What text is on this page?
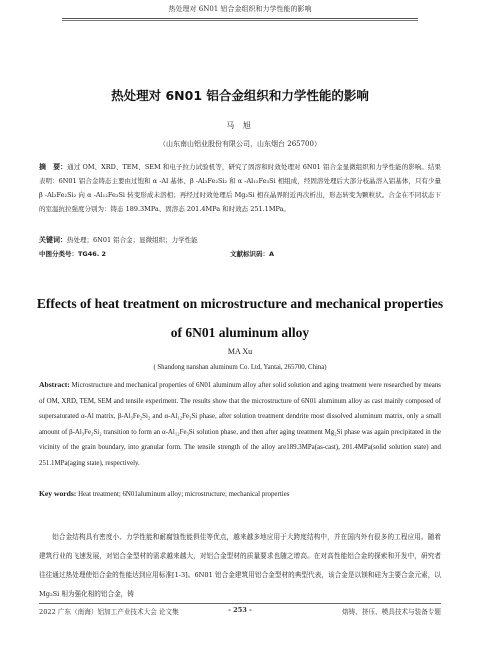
热处理对 6N01 铝合金组织和力学性能的影响
热处理对 6N01 铝合金组织和力学性能的影响
马 旭
（山东南山铝业股份有限公司，山东烟台 265700）
摘　要：通过 OM、XRD、TEM、SEM 和电子拉力试验机等，研究了固溶和时效处理对 6N01 铝合金显微组织和力学性能的影响。结果表明：6N01 铝合金铸态主要由过饱和 α -Al 基体、β -Al₃Fe₂Si₂ 和 α -Al₁₂Fe₃Si 相组成，经固溶处理后大部分枝晶溶入铝基体，只有少量 β -Al₃Fe₂Si₂ 向 α -Al₁₂Fe₃Si 转变形成未溶相；再经过时效处理后 Mg₂Si 相在晶界附近再次析出，形态转变为颗粒状。合金在不同状态下的室温抗拉强度分别为：铸态 189.3MPa、固溶态 201.4MPa 和时效态 251.1MPa。
关键词：热处理；6N01 铝合金；显微组织；力学性能
中图分类号：TG46. 2	文献标识码：A
Effects of heat treatment on microstructure and mechanical properties of 6N01 aluminum alloy
MA Xu
( Shandong nanshan aluminum Co. Ltd, Yantai, 265700, China)
Abstract: Microstructure and mechanical properties of 6N01 aluminum alloy after solid solution and aging treatment were researched by means of OM, XRD, TEM, SEM and tensile experiment. The results show that the microstructure of 6N01 aluminum alloy as cast mainly composed of supersaturated α-Al matrix, β-Al₃Fe₂Si₂ and α-Al₁₂Fe₃Si phase, after solution treatment dendrite most dissolved aluminum matrix, only a small amount of β-Al₃Fe₂Si₂ transition to form an α-Al₁₂Fe₃Si solution phase, and then after aging treatment Mg₂Si phase was again precipitated in the vicinity of the grain boundary, into granular form. The tensile strength of the alloy are189.3MPa(as-cast), 201.4MPa(solid solution state) and 251.1MPa(aging state), respectively.
Key words: Heat treatment; 6N01aluminum alloy; microstructure; mechanical properties
铝合金结构具有密度小、力学性能和耐腐蚀性能俱佳等优点，越来越多地应用于大跨度结构中，并在国内外有很多的工程应用。随着建筑行业的飞速发展，对铝合金型材的需求越来越大，对铝合金型材的质量要求也随之增高。在对高性能铝合金的探索和开发中，研究者往往通过热处理使铝合金的性能达到应用标准[1-3]。6N01 铝合金建筑用铝合金型材的典型代表，该合金是以镁和硅为主要合金元素，以 Mg₂Si 相为强化相的铝合金，铸
2022 广东（南海）铝加工产业技术大会 论文集	- 253 -	熔铸、挤压、模具技术与装备专题
